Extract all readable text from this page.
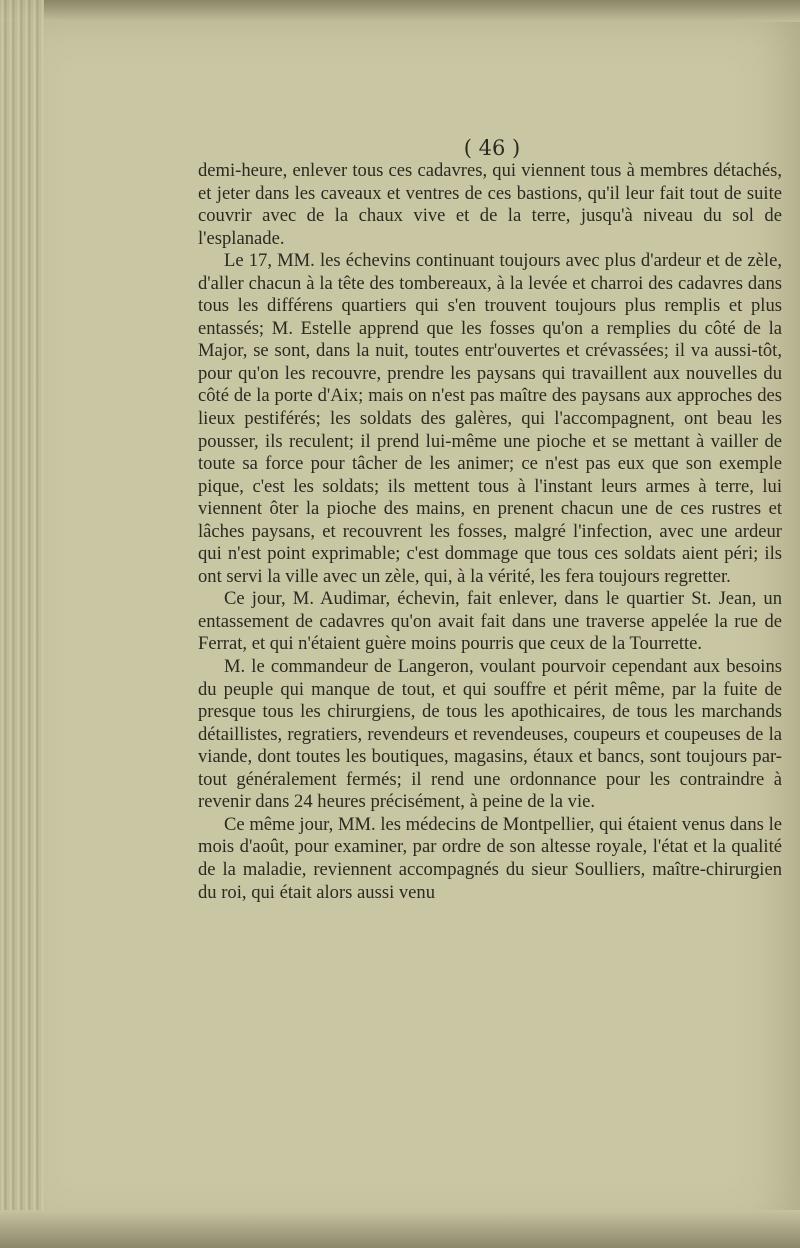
( 46 )

demi-heure, enlever tous ces cadavres, qui viennent tous à membres détachés, et jeter dans les caveaux et ventres de ces bastions, qu'il leur fait tout de suite couvrir avec de la chaux vive et de la terre, jusqu'à niveau du sol de l'esplanade.

Le 17, MM. les échevins continuant toujours avec plus d'ardeur et de zèle, d'aller chacun à la tête des tombereaux, à la levée et charroi des cadavres dans tous les différens quartiers qui s'en trouvent toujours plus remplis et plus entassés; M. Estelle apprend que les fosses qu'on a remplies du côté de la Major, se sont, dans la nuit, toutes entr'ouvertes et crévassées; il va aussi-tôt, pour qu'on les recouvre, prendre les paysans qui travaillent aux nouvelles du côté de la porte d'Aix; mais on n'est pas maître des paysans aux approches des lieux pestiférés; les soldats des galères, qui l'accompagnent, ont beau les pousser, ils reculent; il prend lui-même une pioche et se mettant à vailler de toute sa force pour tâcher de les animer; ce n'est pas eux que son exemple pique, c'est les soldats; ils mettent tous à l'instant leurs armes à terre, lui viennent ôter la pioche des mains, en prenent chacun une de ces rustres et lâches paysans, et recouvrent les fosses, malgré l'infection, avec une ardeur qui n'est point exprimable; c'est dommage que tous ces soldats aient péri; ils ont servi la ville avec un zèle, qui, à la vérité, les fera toujours regretter.

Ce jour, M. Audimar, échevin, fait enlever, dans le quartier St. Jean, un entassement de cadavres qu'on avait fait dans une traverse appelée la rue de Ferrat, et qui n'étaient guère moins pourris que ceux de la Tourrette.

M. le commandeur de Langeron, voulant pourvoir cependant aux besoins du peuple qui manque de tout, et qui souffre et périt même, par la fuite de presque tous les chirurgiens, de tous les apothicaires, de tous les marchands détaillistes, regratiers, revendeurs et revendeuses, coupeurs et coupeuses de la viande, dont toutes les boutiques, magasins, étaux et bancs, sont toujours par-tout généralement fermés; il rend une ordonnance pour les contraindre à revenir dans 24 heures précisément, à peine de la vie.

Ce même jour, MM. les médecins de Montpellier, qui étaient venus dans le mois d'août, pour examiner, par ordre de son altesse royale, l'état et la qualité de la maladie, reviennent accompagnés du sieur Soulliers, maître-chirurgien du roi, qui était alors aussi venu
